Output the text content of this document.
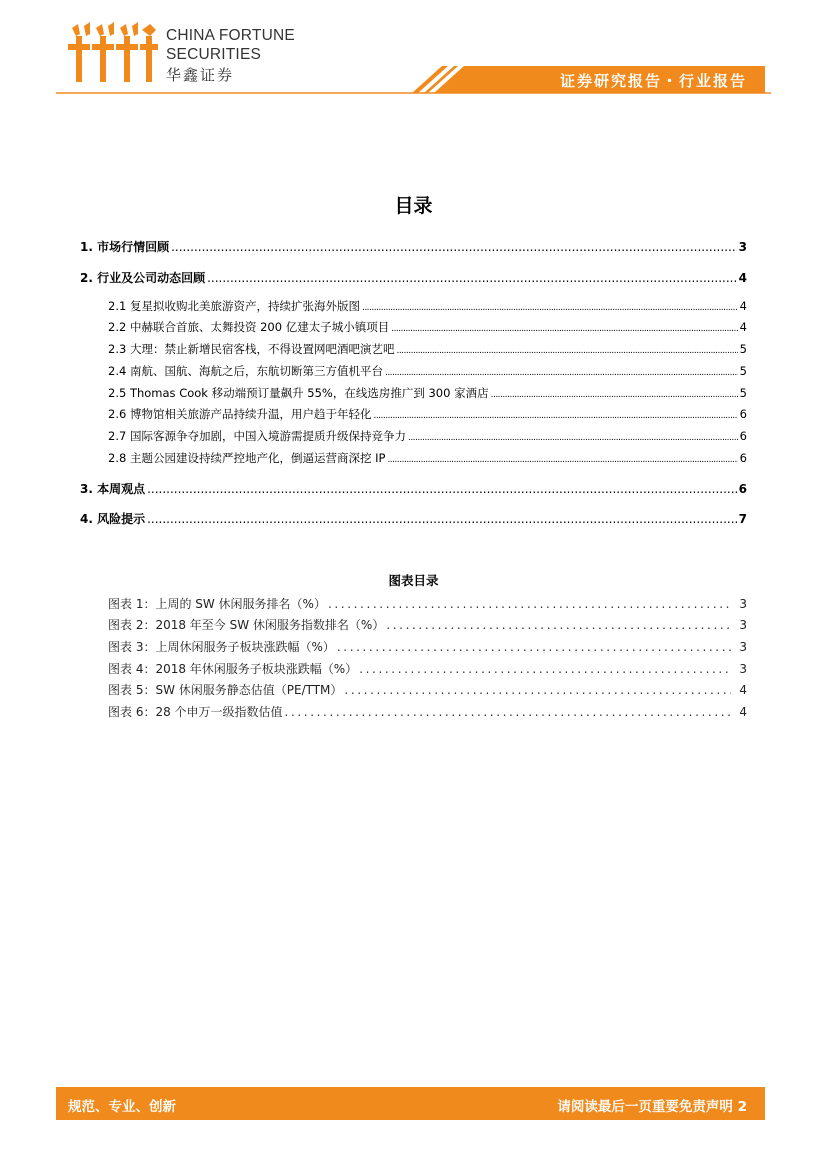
CHINA FORTUNE
SECURITIES
华鑫证券	证券研究报告・行业报告
目录
1. 市场行情回顾 .....	3
2. 行业及公司动态回顾 .....	4
2.1 复星拟收购北美旅游资产，持续扩张海外版图 .....	4
2.2 中赫联合首旅、太舞投资 200 亿建太子城小镇项目 .....	4
2.3 大理：禁止新增民宿客栈，不得设置网吧酒吧演艺吧 .....	5
2.4 南航、国航、海航之后，东航切断第三方值机平台 .....	5
2.5 Thomas Cook 移动端预订量飙升 55%，在线选房推广到 300 家酒店 .....	5
2.6 博物馆相关旅游产品持续升温，用户趋于年轻化 .....	6
2.7 国际客源争夺加剧，中国入境游需提质升级保持竞争力 .....	6
2.8 主题公园建设持续严控地产化，倒逼运营商深挖 IP .....	6
3. 本周观点 .....	6
4. 风险提示 .....	7
图表目录
图表 1：上周的 SW 休闲服务排名（%） .....	3
图表 2：2018 年至今 SW 休闲服务指数排名（%） .....	3
图表 3：上周休闲服务子板块涨跌幅（%） .....	3
图表 4：2018 年休闲服务子板块涨跌幅（%） .....	3
图表 5：SW 休闲服务静态估值（PE/TTM） .....	4
图表 6：28 个申万一级指数估值 .....	4
规范、专业、创新	请阅读最后一页重要免责声明 2
